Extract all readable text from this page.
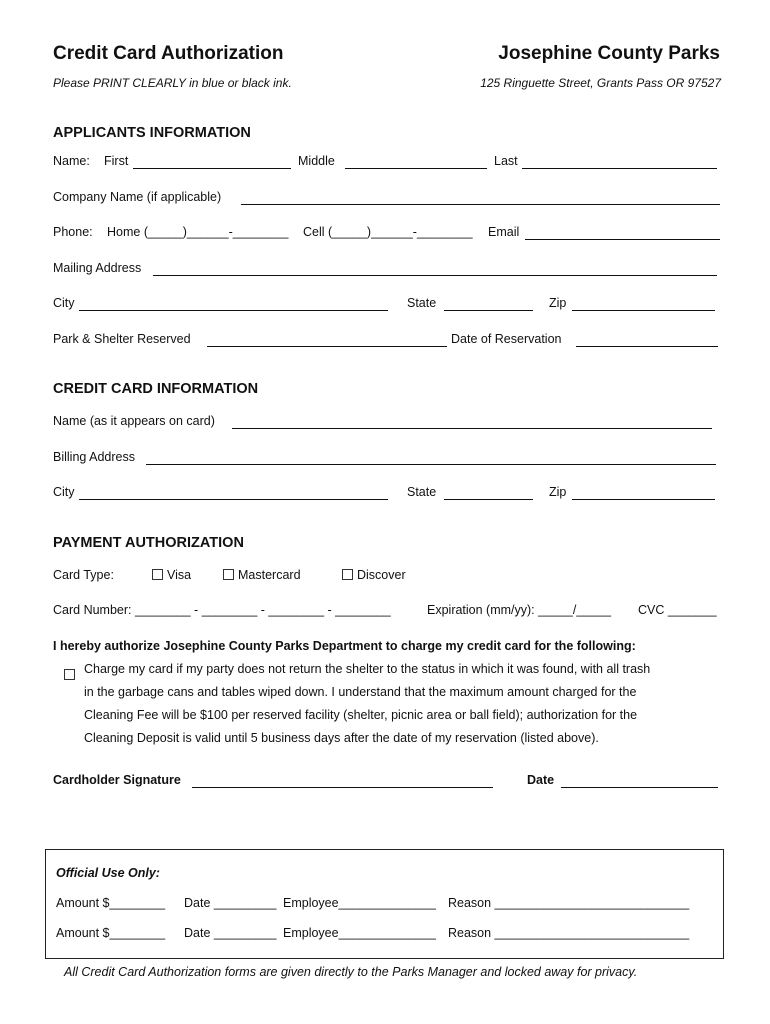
Credit Card Authorization
Please PRINT CLEARLY in blue or black ink.
Josephine County Parks
125 Ringuette Street, Grants Pass OR 97527
APPLICANTS INFORMATION
Name: First	Middle	Last
Company Name (if applicable)
Phone: Home (_____)______-________ Cell (_____)______-________ Email
Mailing Address
City	State	Zip
Park & Shelter Reserved	Date of Reservation
CREDIT CARD INFORMATION
Name (as it appears on card)
Billing Address
City	State	Zip
PAYMENT AUTHORIZATION
Card Type:	Visa	Mastercard	Discover
Card Number: ________ - ________ - ________ - ________	Expiration (mm/yy): _____/_____ CVC _______
I hereby authorize Josephine County Parks Department to charge my credit card for the following:
Charge my card if my party does not return the shelter to the status in which it was found, with all trash
in the garbage cans and tables wiped down. I understand that the maximum amount charged for the
Cleaning Fee will be $100 per reserved facility (shelter, picnic area or ball field); authorization for the
Cleaning Deposit is valid until 5 business days after the date of my reservation (listed above).
Cardholder Signature	Date
Official Use Only:
Amount $________ Date _________ Employee______________ Reason ____________________________
Amount $________ Date _________ Employee______________ Reason ____________________________
All Credit Card Authorization forms are given directly to the Parks Manager and locked away for privacy.
